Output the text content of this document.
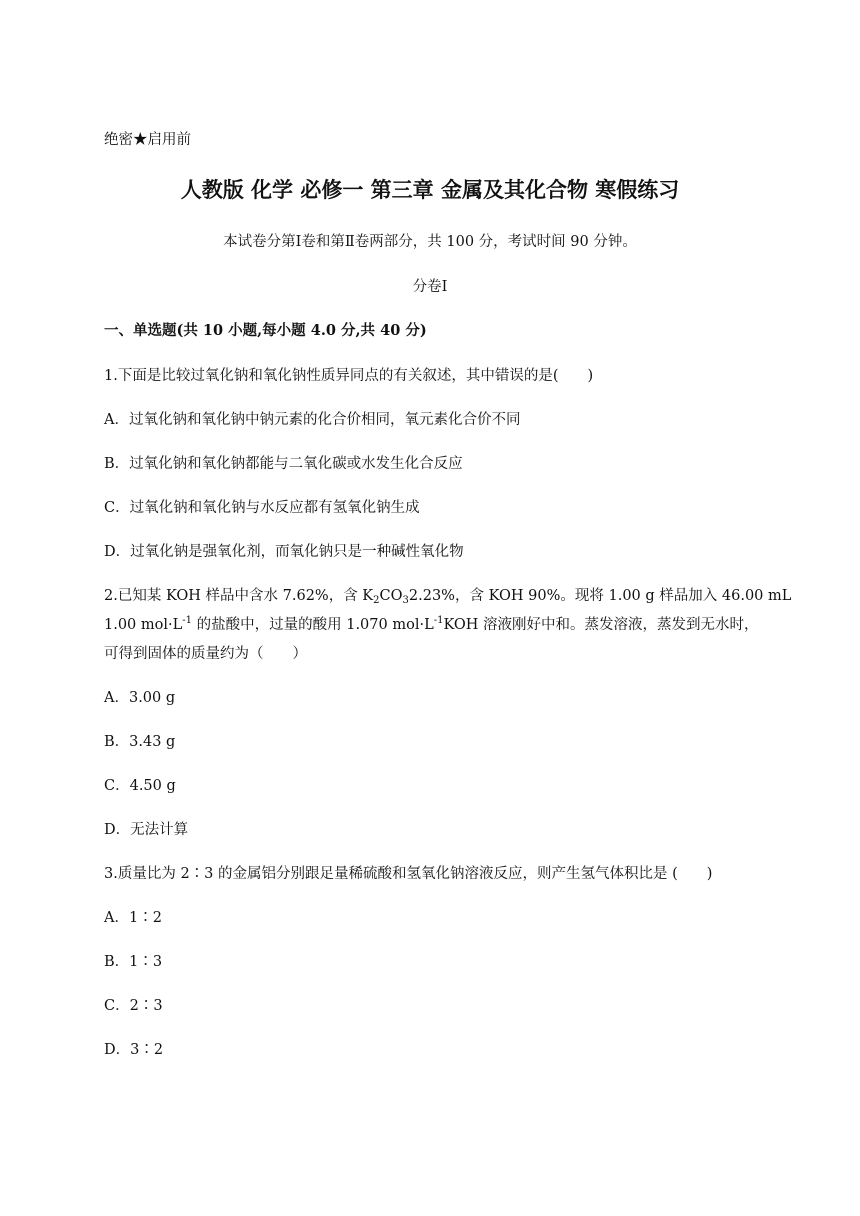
绝密★启用前
人教版 化学 必修一 第三章 金属及其化合物 寒假练习
本试卷分第Ⅰ卷和第Ⅱ卷两部分，共 100 分，考试时间 90 分钟。
分卷I
一、单选题(共 10 小题,每小题 4.0 分,共 40 分)
1.下面是比较过氧化钠和氧化钠性质异同点的有关叙述，其中错误的是(　　)
A．过氧化钠和氧化钠中钠元素的化合价相同，氧元素化合价不同
B．过氧化钠和氧化钠都能与二氧化碳或水发生化合反应
C．过氧化钠和氧化钠与水反应都有氢氧化钠生成
D．过氧化钠是强氧化剂，而氧化钠只是一种碱性氧化物
2.已知某 KOH 样品中含水 7.62%，含 $K_2CO_32.23\%$，含 KOH 90%。现将 1.00 g 样品加入 46.00 mL
1.00 $mol\cdot L^{-1}$ 的盐酸中，过量的酸用 1.070 $mol\cdot L^{-1}KOH$ 溶液刚好中和。蒸发溶液，蒸发到无水时，
可得到固体的质量约为（　　）
A．3.00 g
B．3.43 g
C．4.50 g
D．无法计算
3.质量比为 2∶3 的金属铝分别跟足量稀硫酸和氢氧化钠溶液反应，则产生氢气体积比是 (　　)
A．1∶2
B．1∶3
C．2∶3
D．3∶2
